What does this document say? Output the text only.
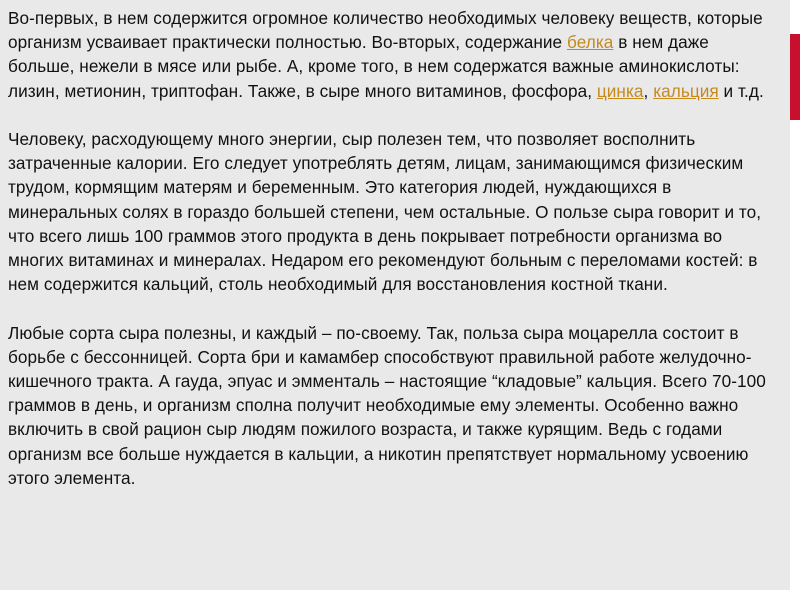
Во-первых, в нем содержится огромное количество необходимых человеку веществ, которые организм усваивает практически полностью. Во-вторых, содержание белка в нем даже больше, нежели в мясе или рыбе. А, кроме того, в нем содержатся важные аминокислоты: лизин, метионин, триптофан. Также, в сыре много витаминов, фосфора, цинка, кальция и т.д.

Человеку, расходующему много энергии, сыр полезен тем, что позволяет восполнить затраченные калории. Его следует употреблять детям, лицам, занимающимся физическим трудом, кормящим матерям и беременным. Это категория людей, нуждающихся в минеральных солях в гораздо большей степени, чем остальные. О пользе сыра говорит и то, что всего лишь 100 граммов этого продукта в день покрывает потребности организма во многих витаминах и минералах. Недаром его рекомендуют больным с переломами костей: в нем содержится кальций, столь необходимый для восстановления костной ткани.

Любые сорта сыра полезны, и каждый – по-своему. Так, польза сыра моцарелла состоит в борьбе с бессонницей. Сорта бри и камамбер способствуют правильной работе желудочно-кишечного тракта. А гауда, эпуас и эмменталь – настоящие “кладовые” кальция. Всего 70-100 граммов в день, и организм сполна получит необходимые ему элементы. Особенно важно включить в свой рацион сыр людям пожилого возраста, и также курящим. Ведь с годами организм все больше нуждается в кальции, а никотин препятствует нормальному усвоению этого элемента.
